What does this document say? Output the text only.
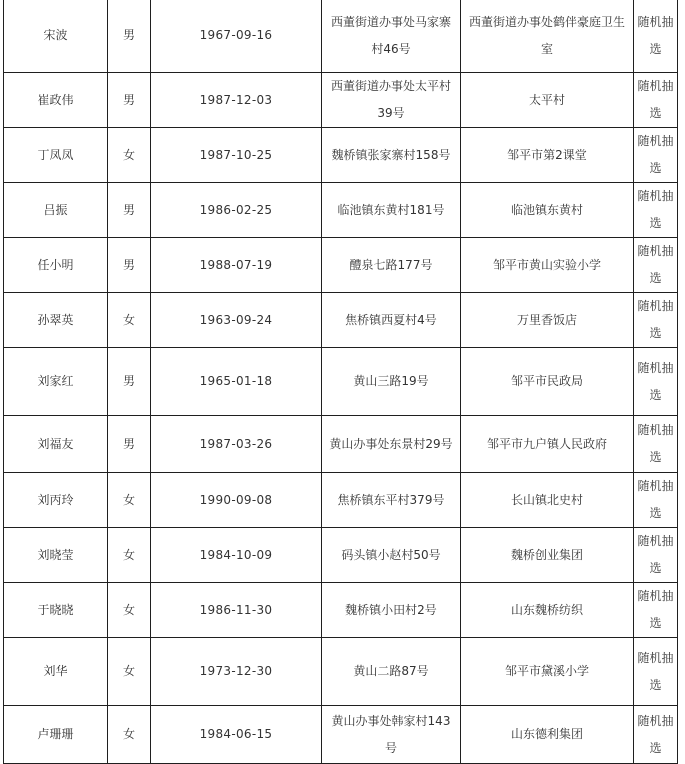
宋波	男	1967-09-16	西董街道办事处马家寨村46号	西董街道办事处鹤伴豪庭卫生室	随机抽选
崔政伟	男	1987-12-03	西董街道办事处太平村39号	太平村	随机抽选
丁凤凤	女	1987-10-25	魏桥镇张家寨村158号	邹平市第2课堂	随机抽选
吕振	男	1986-02-25	临池镇东黄村181号	临池镇东黄村	随机抽选
任小明	男	1988-07-19	醴泉七路177号	邹平市黄山实验小学	随机抽选
孙翠英	女	1963-09-24	焦桥镇西夏村4号	万里香饭店	随机抽选
刘家红	男	1965-01-18	黄山三路19号	邹平市民政局	随机抽选
刘福友	男	1987-03-26	黄山办事处东景村29号	邹平市九户镇人民政府	随机抽选
刘丙玲	女	1990-09-08	焦桥镇东平村379号	长山镇北史村	随机抽选
刘晓莹	女	1984-10-09	码头镇小赵村50号	魏桥创业集团	随机抽选
于晓晓	女	1986-11-30	魏桥镇小田村2号	山东魏桥纺织	随机抽选
刘华	女	1973-12-30	黄山二路87号	邹平市黛溪小学	随机抽选
卢珊珊	女	1984-06-15	黄山办事处韩家村143号	山东德利集团	随机抽选
